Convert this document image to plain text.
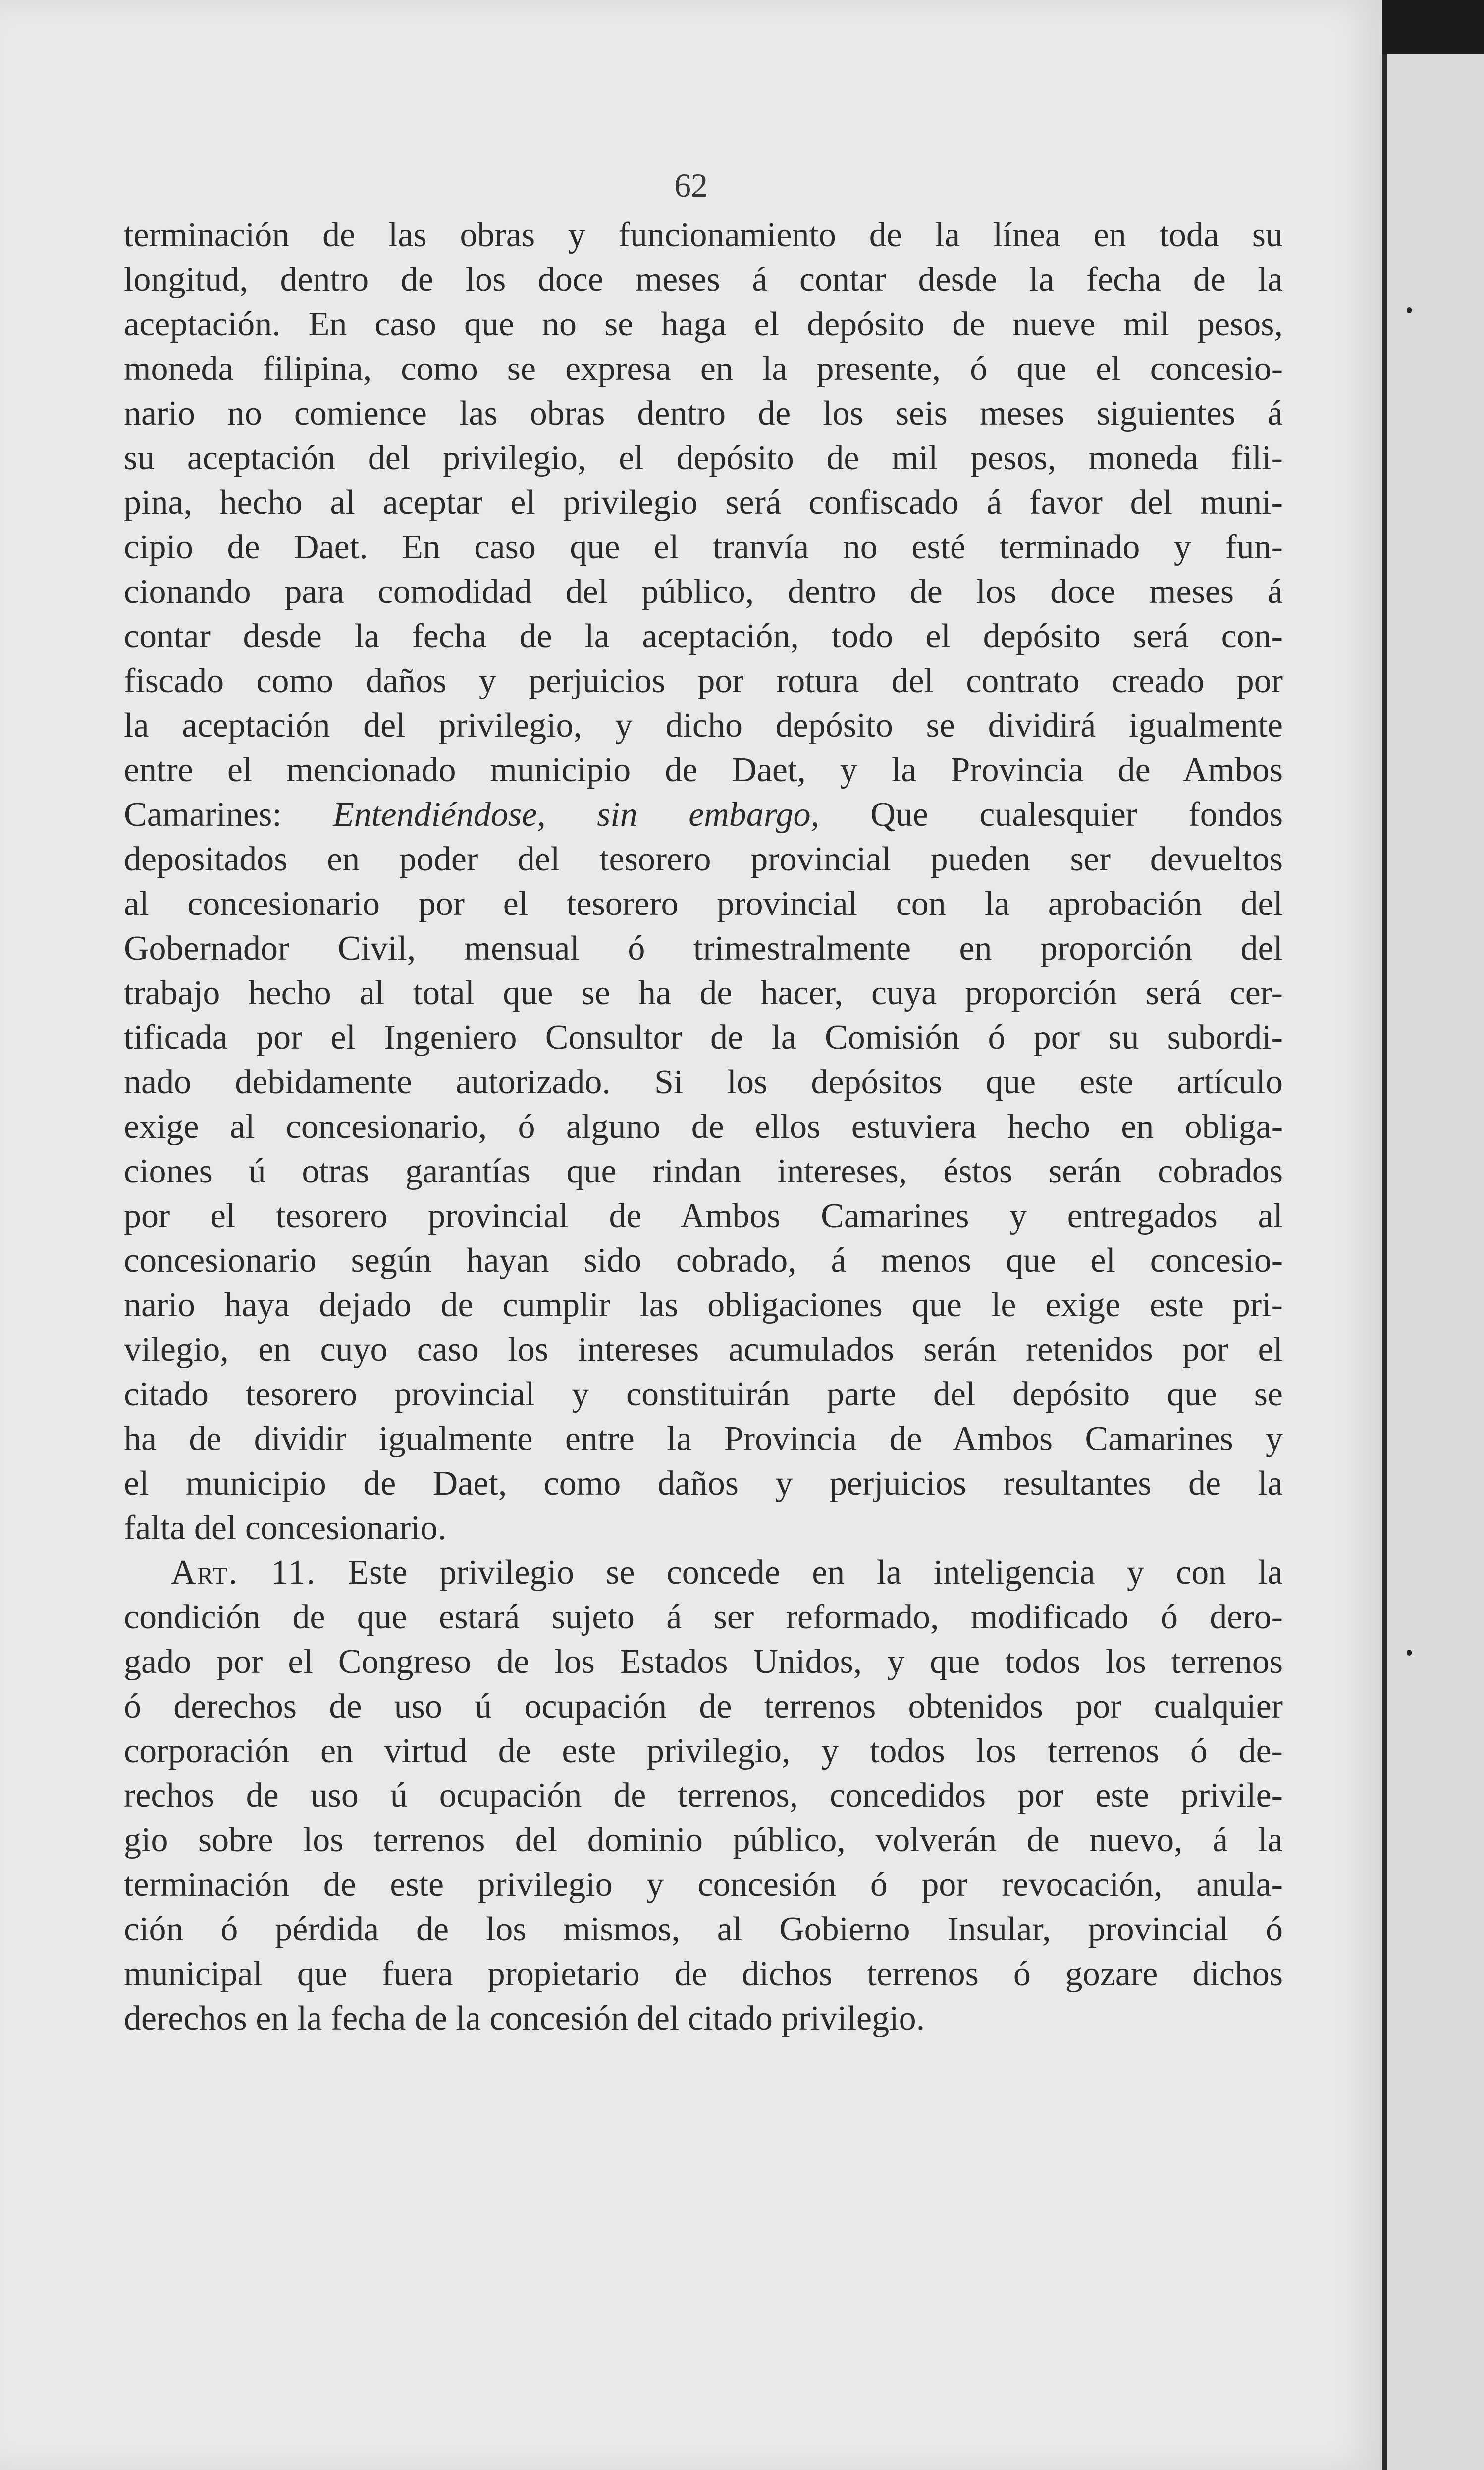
62
terminación de las obras y funcionamiento de la línea en toda su
longitud, dentro de los doce meses á contar desde la fecha de la
aceptación. En caso que no se haga el depósito de nueve mil pesos,
moneda filipina, como se expresa en la presente, ó que el concesio-
nario no comience las obras dentro de los seis meses siguientes á
su aceptación del privilegio, el depósito de mil pesos, moneda fili-
pina, hecho al aceptar el privilegio será confiscado á favor del muni-
cipio de Daet. En caso que el tranvía no esté terminado y fun-
cionando para comodidad del público, dentro de los doce meses á
contar desde la fecha de la aceptación, todo el depósito será con-
fiscado como daños y perjuicios por rotura del contrato creado por
la aceptación del privilegio, y dicho depósito se dividirá igualmente
entre el mencionado municipio de Daet, y la Provincia de Ambos
Camarines: Entendiéndose, sin embargo, Que cualesquier fondos
depositados en poder del tesorero provincial pueden ser devueltos
al concesionario por el tesorero provincial con la aprobación del
Gobernador Civil, mensual ó trimestralmente en proporción del
trabajo hecho al total que se ha de hacer, cuya proporción será cer-
tificada por el Ingeniero Consultor de la Comisión ó por su subordi-
nado debidamente autorizado. Si los depósitos que este artículo
exige al concesionario, ó alguno de ellos estuviera hecho en obliga-
ciones ú otras garantías que rindan intereses, éstos serán cobrados
por el tesorero provincial de Ambos Camarines y entregados al
concesionario según hayan sido cobrado, á menos que el concesio-
nario haya dejado de cumplir las obligaciones que le exige este pri-
vilegio, en cuyo caso los intereses acumulados serán retenidos por el
citado tesorero provincial y constituirán parte del depósito que se
ha de dividir igualmente entre la Provincia de Ambos Camarines y
el municipio de Daet, como daños y perjuicios resultantes de la
falta del concesionario.
Art. 11. Este privilegio se concede en la inteligencia y con la
condición de que estará sujeto á ser reformado, modificado ó dero-
gado por el Congreso de los Estados Unidos, y que todos los terrenos
ó derechos de uso ú ocupación de terrenos obtenidos por cualquier
corporación en virtud de este privilegio, y todos los terrenos ó de-
rechos de uso ú ocupación de terrenos, concedidos por este privile-
gio sobre los terrenos del dominio público, volverán de nuevo, á la
terminación de este privilegio y concesión ó por revocación, anula-
ción ó pérdida de los mismos, al Gobierno Insular, provincial ó
municipal que fuera propietario de dichos terrenos ó gozare dichos
derechos en la fecha de la concesión del citado privilegio.
